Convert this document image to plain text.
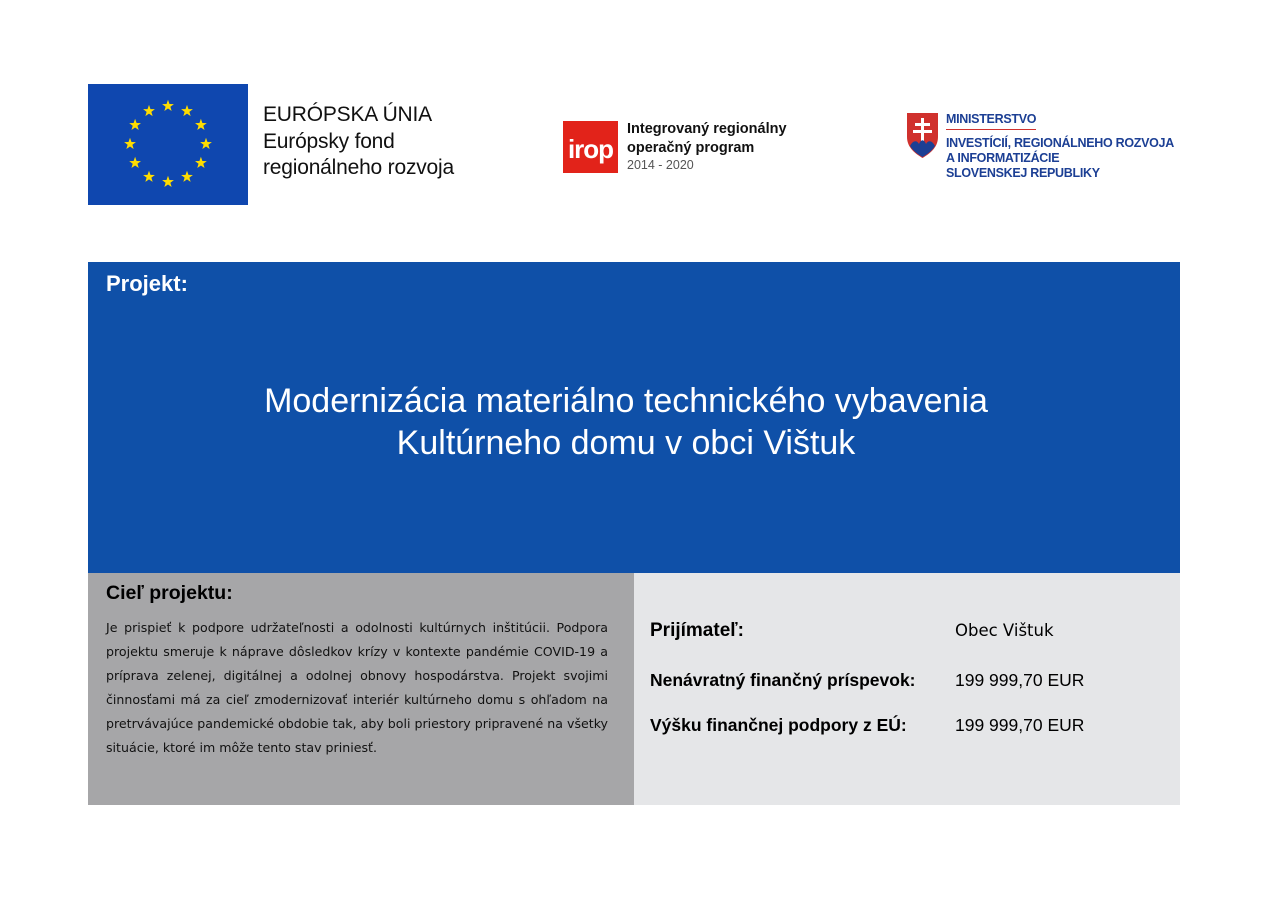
EURÓPSKA ÚNIA
Európsky fond
regionálneho rozvoja
irop
Integrovaný regionálny
operačný program
2014 - 2020
MINISTERSTVO
INVESTÍCIÍ, REGIONÁLNEHO ROZVOJA
A INFORMATIZÁCIE
SLOVENSKEJ REPUBLIKY
Projekt:
Modernizácia materiálno technického vybavenia
Kultúrneho domu v obci Vištuk
Cieľ projektu:
Je prispieť k podpore udržateľnosti a odolnosti kultúrnych inštitúcii. Podpora projektu smeruje k náprave dôsledkov krízy v kontexte pandémie COVID-19 a príprava zelenej, digitálnej a odolnej obnovy hospodárstva. Projekt svojimi činnosťami má za cieľ zmodernizovať interiér kultúrneho domu s ohľadom na pretrvávajúce pandemické obdobie tak, aby boli priestory pripravené na všetky situácie, ktoré im môže tento stav priniesť.
Prijímateľ:	Obec Vištuk
Nenávratný finančný príspevok: 199 999,70 EUR
Výšku finančnej podpory z EÚ:	199 999,70 EUR
